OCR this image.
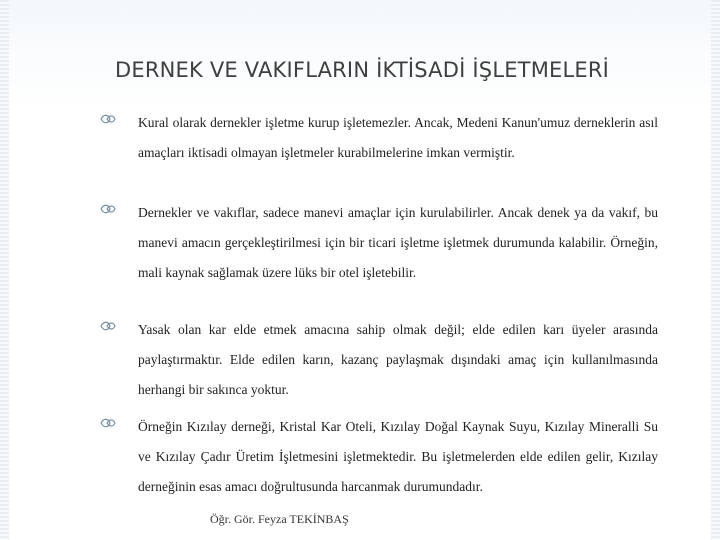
DERNEK VE VAKIFLARIN İKTİSADİ İŞLETMELERİ

Kural olarak dernekler işletme kurup işletemezler. Ancak, Medeni Kanun'umuz derneklerin asıl amaçları iktisadi olmayan işletmeler kurabilmelerine imkan vermiştir.

Dernekler ve vakıflar, sadece manevi amaçlar için kurulabilirler. Ancak denek ya da vakıf, bu manevi amacın gerçekleştirilmesi için bir ticari işletme işletmek durumunda kalabilir. Örneğin, mali kaynak sağlamak üzere lüks bir otel işletebilir.

Yasak olan kar elde etmek amacına sahip olmak değil; elde edilen karı üyeler arasında paylaştırmaktır. Elde edilen karın, kazanç paylaşmak dışındaki amaç için kullanılmasında herhangi bir sakınca yoktur.

Örneğin Kızılay derneği, Kristal Kar Oteli, Kızılay Doğal Kaynak Suyu, Kızılay Mineralli Su ve Kızılay Çadır Üretim İşletmesini işletmektedir. Bu işletmelerden elde edilen gelir, Kızılay derneğinin esas amacı doğrultusunda harcanmak durumundadır.

Öğr. Gör. Feyza TEKİNBAŞ
